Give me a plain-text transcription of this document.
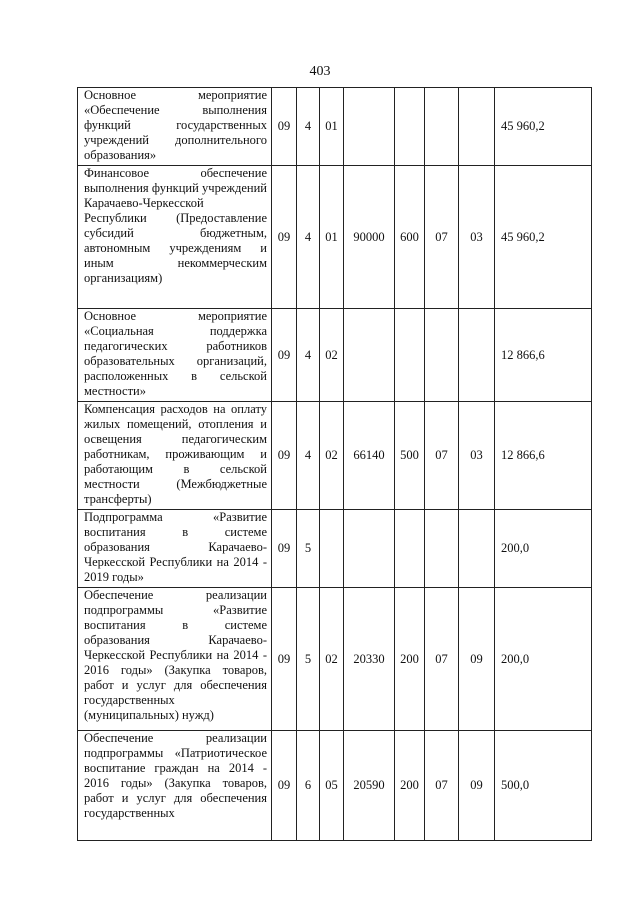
403
Основное мероприятие «Обеспечение выполнения функций государственных учреждений дополнительного образования»	09	4	01					45 960,2
Финансовое обеспечение выполнения функций учреждений Карачаево-Черкесской Республики (Предоставление субсидий бюджетным, автономным учреждениям и иным некоммерческим организациям)	09	4	01	90000	600	07	03	45 960,2
Основное мероприятие «Социальная поддержка педагогических работников образовательных организаций, расположенных в сельской местности»	09	4	02					12 866,6
Компенсация расходов на оплату жилых помещений, отопления и освещения педагогическим работникам, проживающим и работающим в сельской местности (Межбюджетные трансферты)	09	4	02	66140	500	07	03	12 866,6
Подпрограмма «Развитие воспитания в системе образования Карачаево-Черкесской Республики на 2014 - 2019 годы»	09	5						200,0
Обеспечение реализации подпрограммы «Развитие воспитания в системе образования Карачаево-Черкесской Республики на 2014 - 2016 годы» (Закупка товаров, работ и услуг для обеспечения государственных (муниципальных) нужд)	09	5	02	20330	200	07	09	200,0
Обеспечение реализации подпрограммы «Патриотическое воспитание граждан на 2014 - 2016 годы» (Закупка товаров, работ и услуг для обеспечения государственных	09	6	05	20590	200	07	09	500,0
